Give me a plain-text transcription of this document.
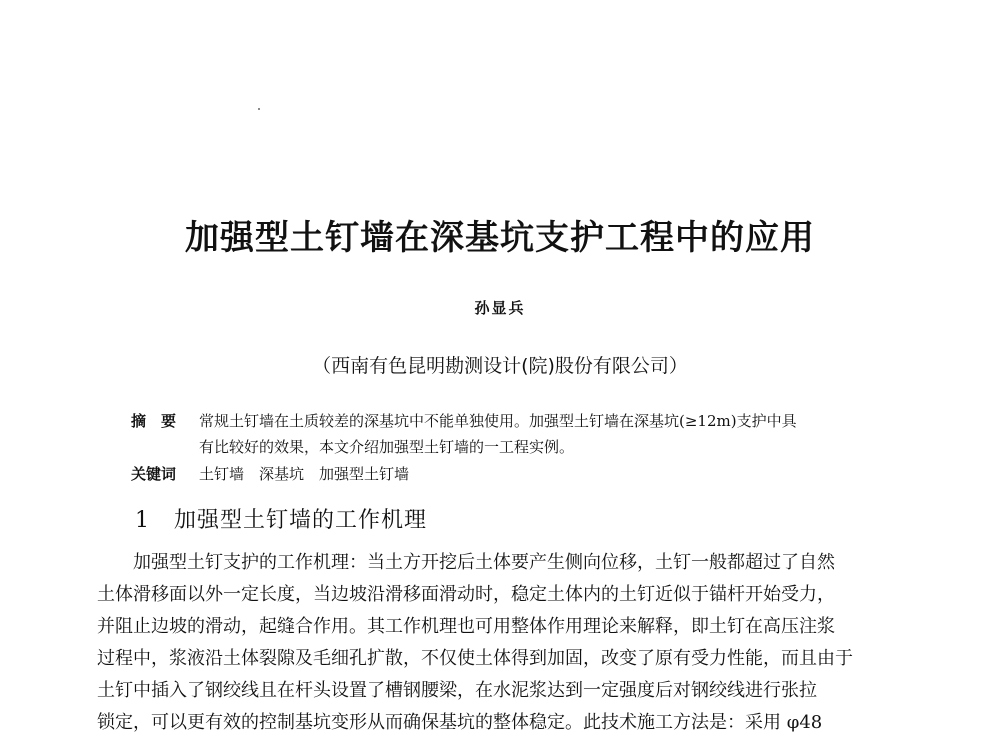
加强型土钉墙在深基坑支护工程中的应用
孙显兵
（西南有色昆明勘测设计(院)股份有限公司）
摘　要 常规土钉墙在土质较差的深基坑中不能单独使用。加强型土钉墙在深基坑(≥12m)支护中具
有比较好的效果，本文介绍加强型土钉墙的一工程实例。
关键词 土钉墙　深基坑　加强型土钉墙
1 加强型土钉墙的工作机理
加强型土钉支护的工作机理：当土方开挖后土体要产生侧向位移，土钉一般都超过了自然
土体滑移面以外一定长度，当边坡沿滑移面滑动时，稳定土体内的土钉近似于锚杆开始受力，
并阻止边坡的滑动，起缝合作用。其工作机理也可用整体作用理论来解释，即土钉在高压注浆
过程中，浆液沿土体裂隙及毛细孔扩散，不仅使土体得到加固，改变了原有受力性能，而且由于
土钉中插入了钢绞线且在杆头设置了槽钢腰梁，在水泥浆达到一定强度后对钢绞线进行张拉
锁定，可以更有效的控制基坑变形从而确保基坑的整体稳定。此技术施工方法是：采用 φ48
